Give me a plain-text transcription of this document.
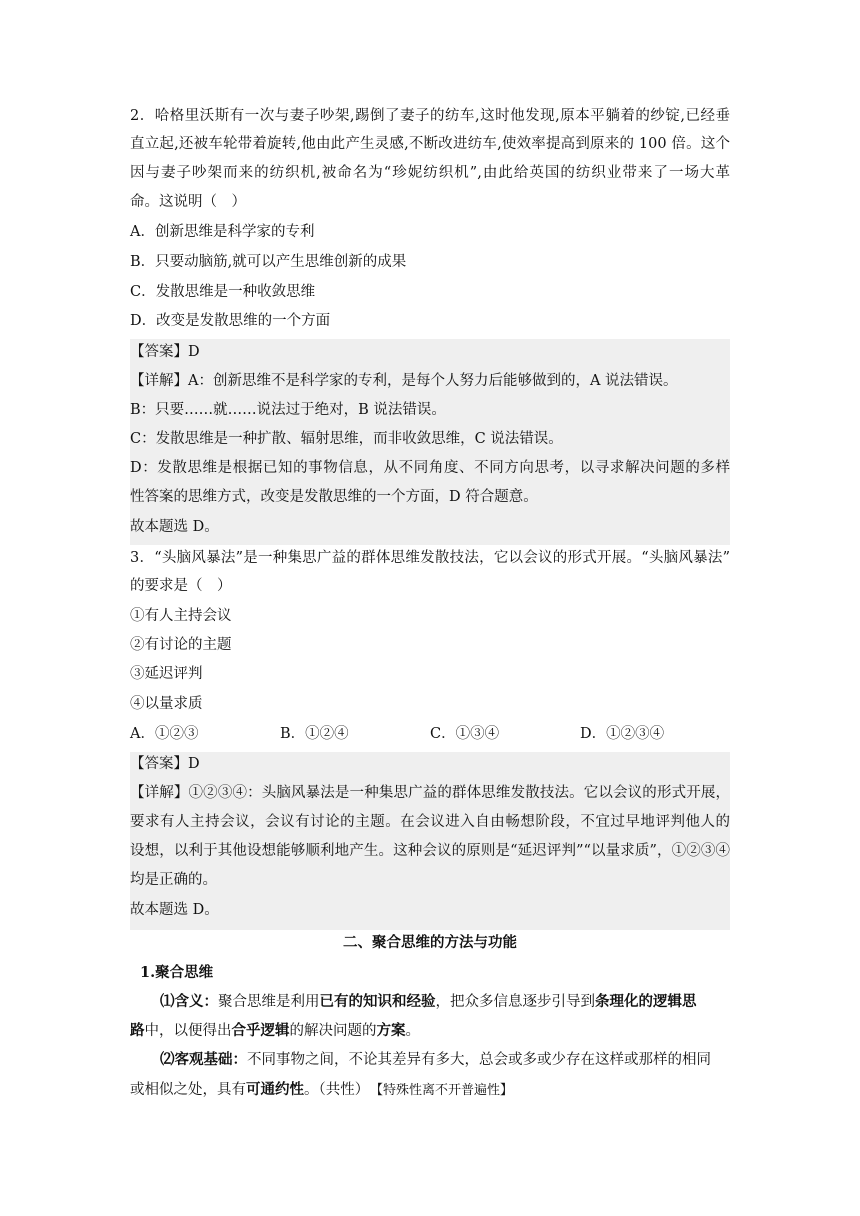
2．哈格里沃斯有一次与妻子吵架,踢倒了妻子的纺车,这时他发现,原本平躺着的纱锭,已经垂
直立起,还被车轮带着旋转,他由此产生灵感,不断改进纺车,使效率提高到原来的 100 倍。这个
因与妻子吵架而来的纺织机,被命名为“珍妮纺织机”,由此给英国的纺织业带来了一场大革
命。这说明（　）
A．创新思维是科学家的专利
B．只要动脑筋,就可以产生思维创新的成果
C．发散思维是一种收敛思维
D．改变是发散思维的一个方面
【答案】D
【详解】A：创新思维不是科学家的专利，是每个人努力后能够做到的，A 说法错误。
B：只要……就……说法过于绝对，B 说法错误。
C：发散思维是一种扩散、辐射思维，而非收敛思维，C 说法错误。
D：发散思维是根据已知的事物信息，从不同角度、不同方向思考，以寻求解决问题的多样
性答案的思维方式，改变是发散思维的一个方面，D 符合题意。
故本题选 D。
3．“头脑风暴法”是一种集思广益的群体思维发散技法，它以会议的形式开展。“头脑风暴法”
的要求是（　）
①有人主持会议
②有讨论的主题
③延迟评判
④以量求质
A．①②③	B．①②④	C．①③④	D．①②③④
【答案】D
【详解】①②③④：头脑风暴法是一种集思广益的群体思维发散技法。它以会议的形式开展，
要求有人主持会议，会议有讨论的主题。在会议进入自由畅想阶段，不宜过早地评判他人的
设想，以利于其他设想能够顺利地产生。这种会议的原则是“延迟评判”“以量求质”，①②③④
均是正确的。
故本题选 D。
二、聚合思维的方法与功能
1.聚合思维
⑴含义：聚合思维是利用已有的知识和经验，把众多信息逐步引导到条理化的逻辑思
路中，以便得出合乎逻辑的解决问题的方案。
⑵客观基础：不同事物之间，不论其差异有多大，总会或多或少存在这样或那样的相同
或相似之处，具有可通约性。（共性）　【特殊性离不开普遍性】
